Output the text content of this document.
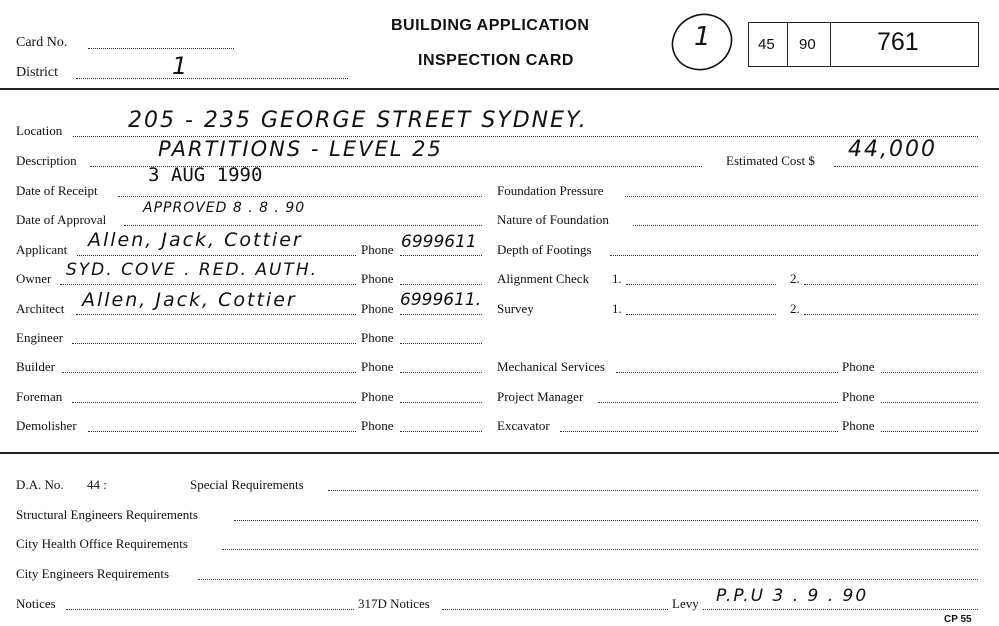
Card No.
District	1
BUILDING APPLICATION
INSPECTION CARD
1	45 90 761
Location	205 - 235 GEORGE STREET SYDNEY.
Description	PARTITIONS - LEVEL 25	Estimated Cost $ 44,000
Date of Receipt
3 AUG 1990
Date of Approval
APPROVED 8 . 8 . 90
Applicant Allen, Jack, Cottier	Phone 6999611
Owner SYD. COVE . RED. AUTH.	Phone
Architect Allen, Jack, Cottier	Phone 6999611.
Engineer	Phone
Builder	Phone
Foreman	Phone
Demolisher	Phone
Foundation Pressure
Nature of Foundation
Depth of Footings
Alignment Check 1.	2.
Survey	1.	2.
Mechanical Services	Phone
Project Manager	Phone
Excavator	Phone
D.A. No. 44 :	Special Requirements
Structural Engineers Requirements
City Health Office Requirements
City Engineers Requirements
Notices	317D Notices	Levy P.P.U 3 . 9 . 90
CP 55
